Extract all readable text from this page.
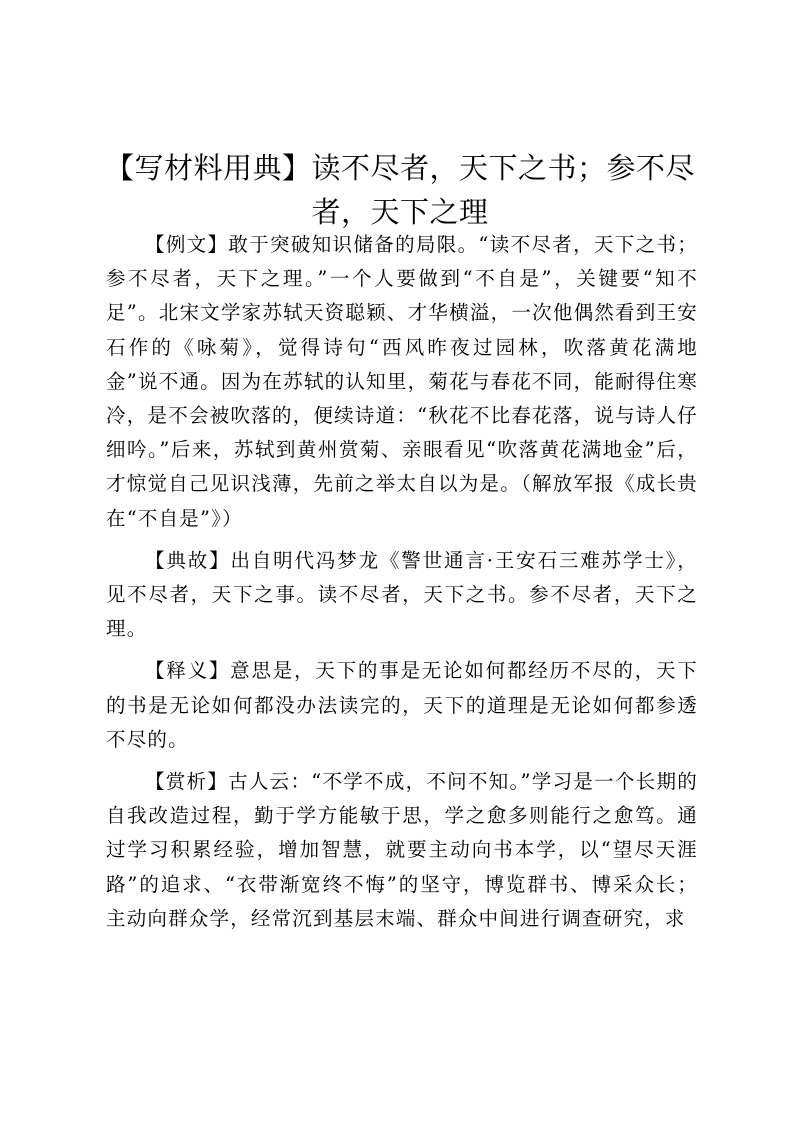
【写材料用典】读不尽者，天下之书；参不尽者，天下之理

【例文】敢于突破知识储备的局限。“读不尽者，天下之书；参不尽者，天下之理。”一个人要做到“不自是”，关键要“知不足”。北宋文学家苏轼天资聪颖、才华横溢，一次他偶然看到王安石作的《咏菊》，觉得诗句“西风昨夜过园林，吹落黄花满地金”说不通。因为在苏轼的认知里，菊花与春花不同，能耐得住寒冷，是不会被吹落的，便续诗道：“秋花不比春花落，说与诗人仔细吟。”后来，苏轼到黄州赏菊、亲眼看见“吹落黄花满地金”后，才惊觉自己见识浅薄，先前之举太自以为是。（解放军报《成长贵在“不自是”》）

【典故】出自明代冯梦龙《警世通言·王安石三难苏学士》，见不尽者，天下之事。读不尽者，天下之书。参不尽者，天下之理。

【释义】意思是，天下的事是无论如何都经历不尽的，天下的书是无论如何都没办法读完的，天下的道理是无论如何都参透不尽的。

【赏析】古人云：“不学不成，不问不知。”学习是一个长期的自我改造过程，勤于学方能敏于思，学之愈多则能行之愈笃。通过学习积累经验，增加智慧，就要主动向书本学，以“望尽天涯路”的追求、“衣带渐宽终不悔”的坚守，博览群书、博采众长；主动向群众学，经常沉到基层末端、群众中间进行调查研究，求
